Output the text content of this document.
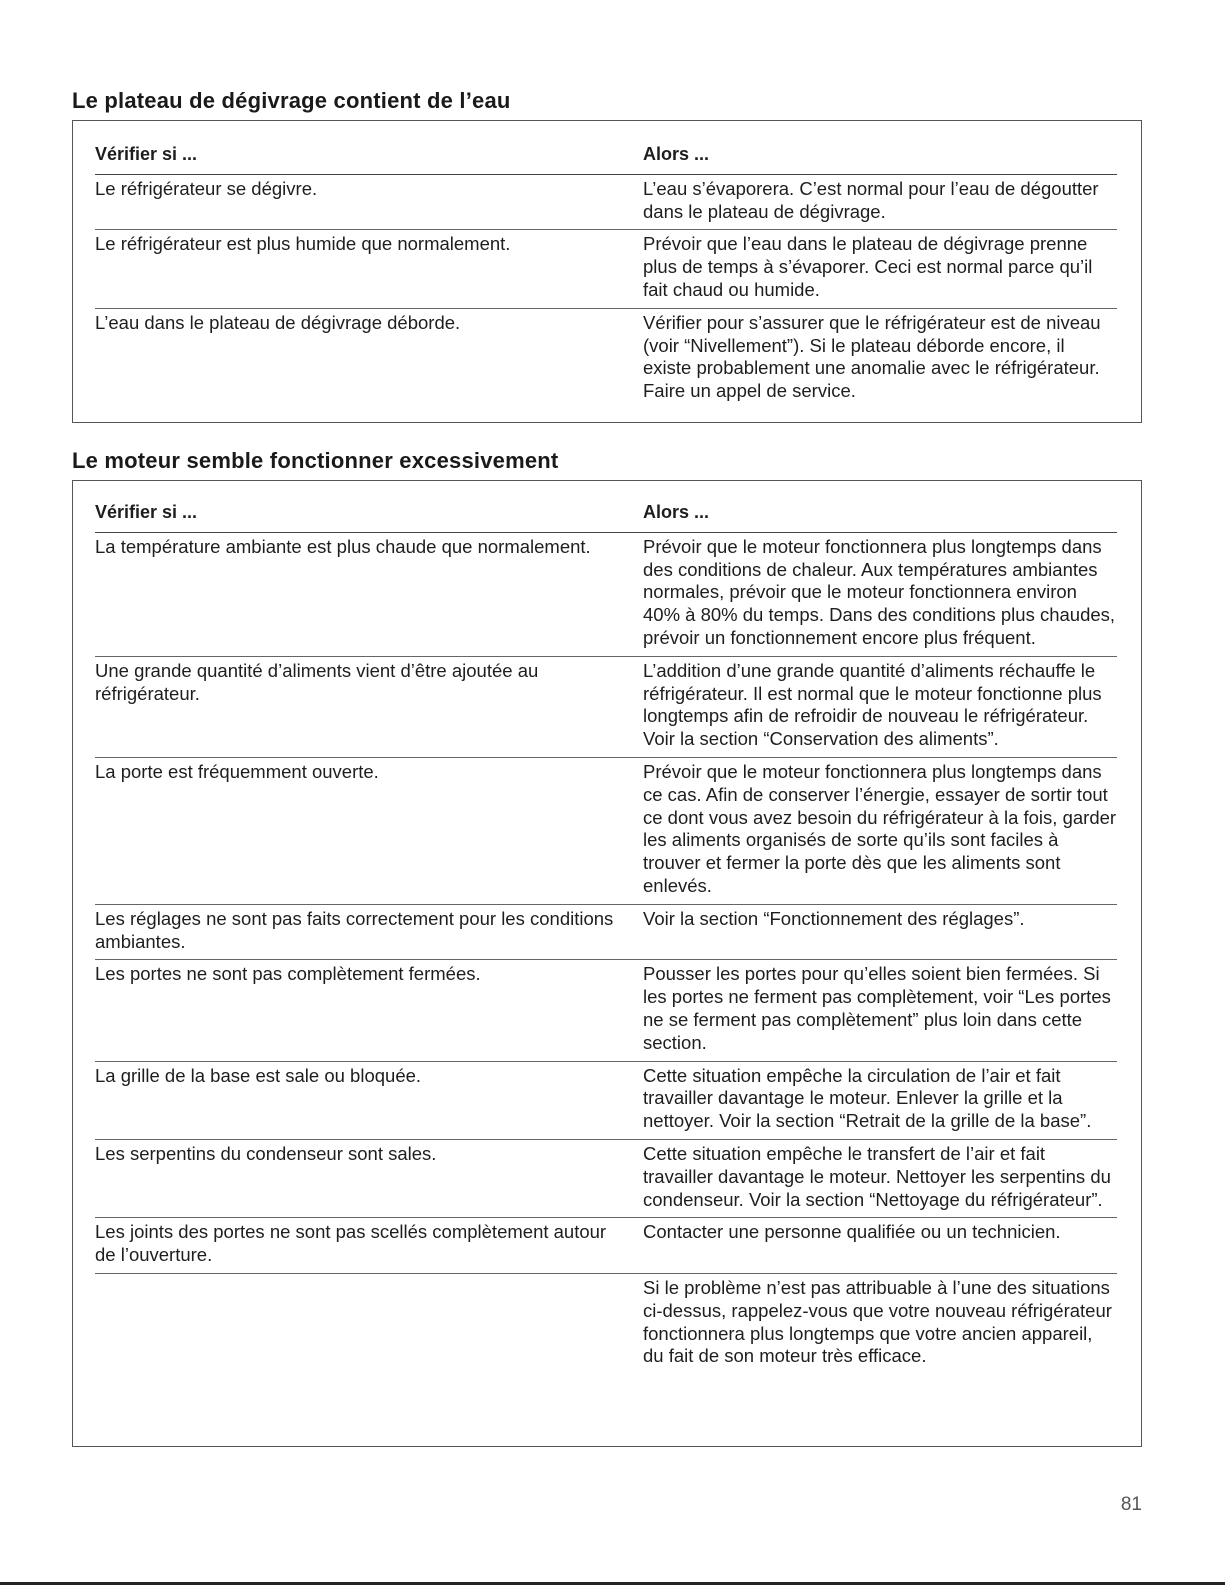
Le plateau de dégivrage contient de l’eau
Vérifier si ...	Alors ...
Le réfrigérateur se dégivre.	L’eau s’évaporera. C’est normal pour l’eau de dégoutter dans le plateau de dégivrage.
Le réfrigérateur est plus humide que normalement.	Prévoir que l’eau dans le plateau de dégivrage prenne plus de temps à s’évaporer. Ceci est normal parce qu’il fait chaud ou humide.
L’eau dans le plateau de dégivrage déborde.	Vérifier pour s’assurer que le réfrigérateur est de niveau (voir “Nivellement”). Si le plateau déborde encore, il existe probablement une anomalie avec le réfrigérateur. Faire un appel de service.
Le moteur semble fonctionner excessivement
Vérifier si ...	Alors ...
La température ambiante est plus chaude que normalement.	Prévoir que le moteur fonctionnera plus longtemps dans des conditions de chaleur. Aux températures ambiantes normales, prévoir que le moteur fonctionnera environ 40% à 80% du temps. Dans des conditions plus chaudes, prévoir un fonctionnement encore plus fréquent.
Une grande quantité d’aliments vient d’être ajoutée au réfrigérateur.	L’addition d’une grande quantité d’aliments réchauffe le réfrigérateur. Il est normal que le moteur fonctionne plus longtemps afin de refroidir de nouveau le réfrigérateur. Voir la section “Conservation des aliments”.
La porte est fréquemment ouverte.	Prévoir que le moteur fonctionnera plus longtemps dans ce cas. Afin de conserver l’énergie, essayer de sortir tout ce dont vous avez besoin du réfrigérateur à la fois, garder les aliments organisés de sorte qu’ils sont faciles à trouver et fermer la porte dès que les aliments sont enlevés.
Les réglages ne sont pas faits correctement pour les conditions ambiantes.	Voir la section “Fonctionnement des réglages”.
Les portes ne sont pas complètement fermées.	Pousser les portes pour qu’elles soient bien fermées. Si les portes ne ferment pas complètement, voir “Les portes ne se ferment pas complètement” plus loin dans cette section.
La grille de la base est sale ou bloquée.	Cette situation empêche la circulation de l’air et fait travailler davantage le moteur. Enlever la grille et la nettoyer. Voir la section “Retrait de la grille de la base”.
Les serpentins du condenseur sont sales.	Cette situation empêche le transfert de l’air et fait travailler davantage le moteur. Nettoyer les serpentins du condenseur. Voir la section “Nettoyage du réfrigérateur”.
Les joints des portes ne sont pas scellés complètement autour de l’ouverture.	Contacter une personne qualifiée ou un technicien.
	Si le problème n’est pas attribuable à l’une des situations ci-dessus, rappelez-vous que votre nouveau réfrigérateur fonctionnera plus longtemps que votre ancien appareil, du fait de son moteur très efficace.
81
